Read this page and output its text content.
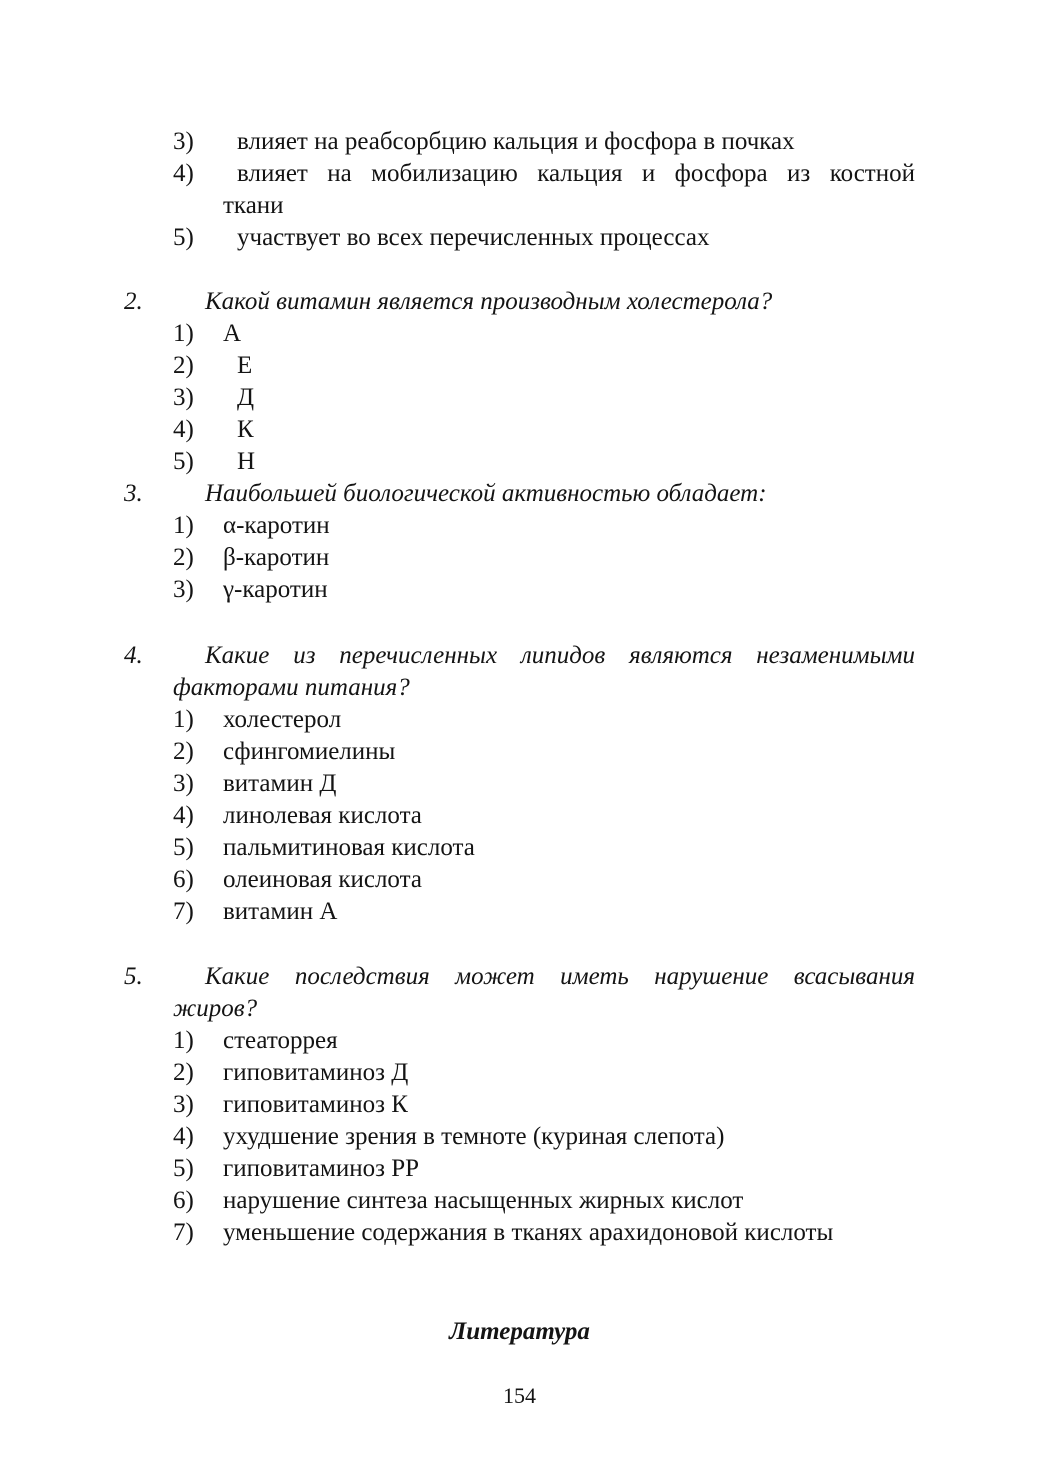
3) влияет на реабсорбцию кальция и фосфора в почках
4) влияет на мобилизацию кальция и фосфора из костной
ткани
5) участвует во всех перечисленных процессах
2. Какой витамин является производным холестерола?
1) А
2) Е
3) Д
4) К
5) Н
3. Наибольшей биологической активностью обладает:
1) α-каротин
2) β-каротин
3) γ-каротин
4. Какие из перечисленных липидов являются незаменимыми
факторами питания?
1) холестерол
2) сфингомиелины
3) витамин Д
4) линолевая кислота
5) пальмитиновая кислота
6) олеиновая кислота
7) витамин А
5. Какие последствия может иметь нарушение всасывания
жиров?
1) стеаторрея
2) гиповитаминоз Д
3) гиповитаминоз К
4) ухудшение зрения в темноте (куриная слепота)
5) гиповитаминоз РР
6) нарушение синтеза насыщенных жирных кислот
7) уменьшение содержания в тканях арахидоновой кислоты
Литература
154
